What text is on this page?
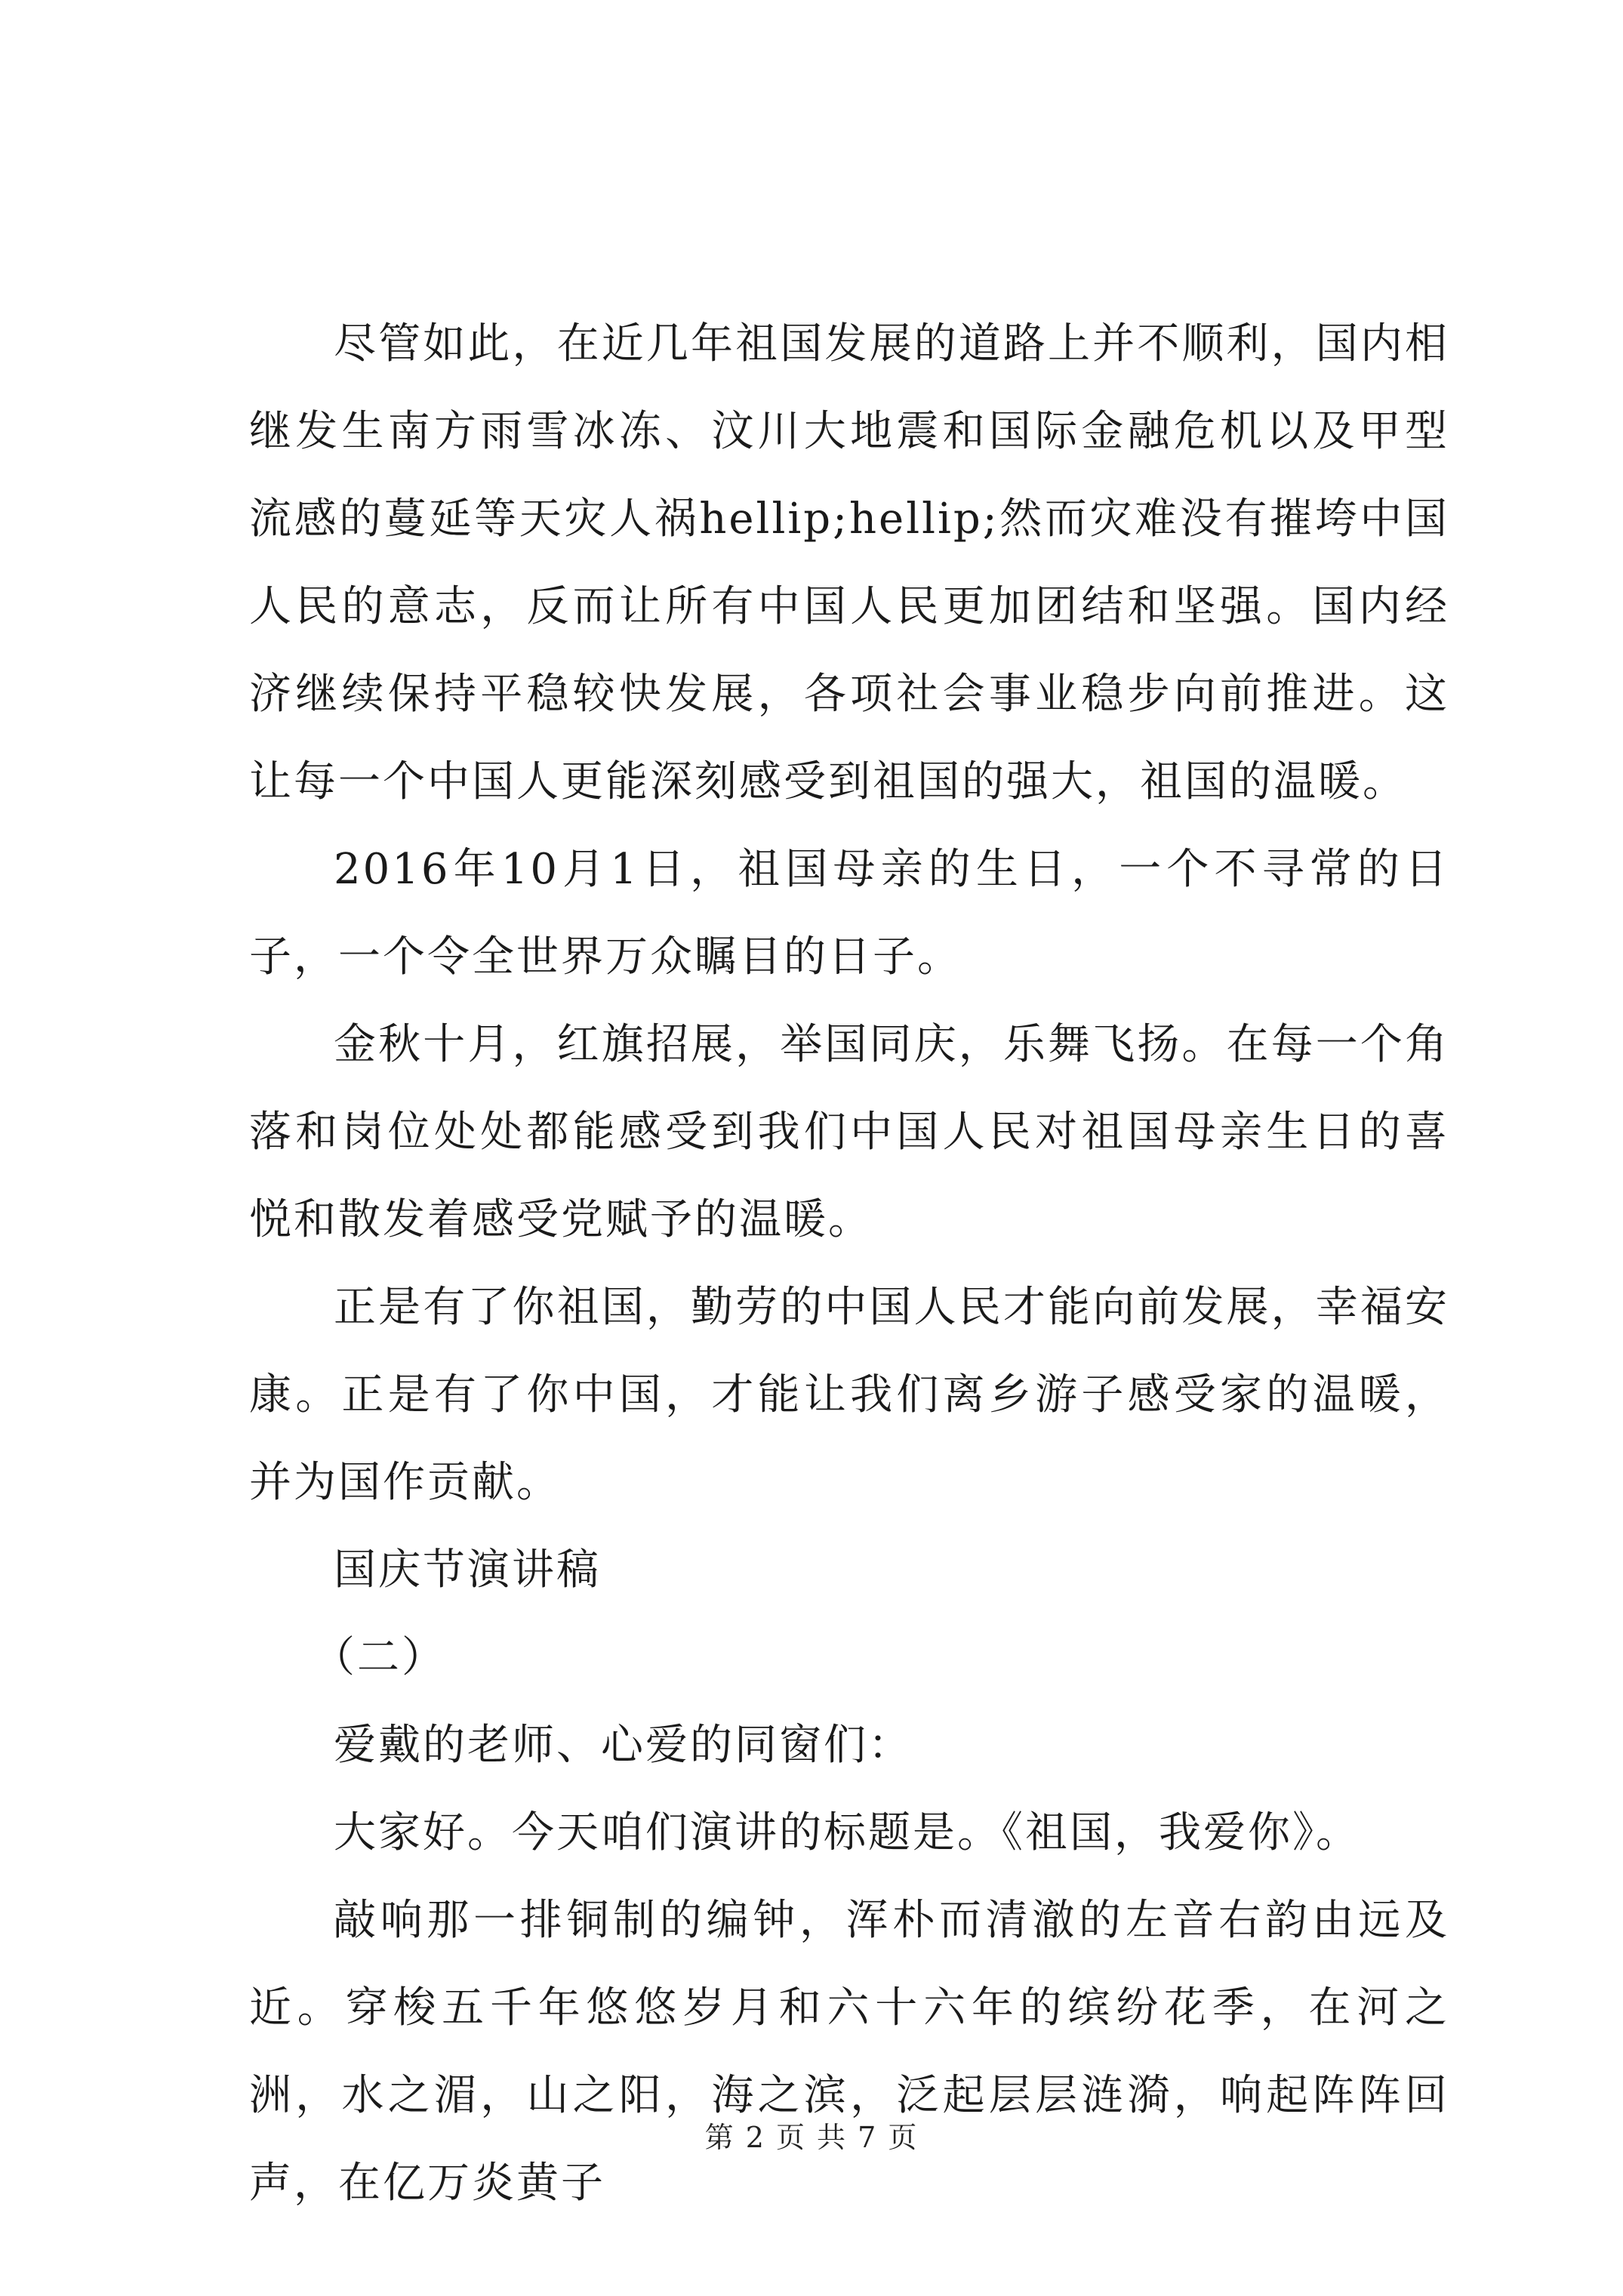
尽管如此，在近几年祖国发展的道路上并不顺利，国内相继发生南方雨雪冰冻、汶川大地震和国际金融危机以及甲型流感的蔓延等天灾人祸hellip;hellip;然而灾难没有摧垮中国人民的意志，反而让所有中国人民更加团结和坚强。国内经济继续保持平稳较快发展，各项社会事业稳步向前推进。这让每一个中国人更能深刻感受到祖国的强大，祖国的温暖。

2016年10月1日，祖国母亲的生日，一个不寻常的日子，一个令全世界万众瞩目的日子。

金秋十月，红旗招展，举国同庆，乐舞飞扬。在每一个角落和岗位处处都能感受到我们中国人民对祖国母亲生日的喜悦和散发着感受党赋予的温暖。

正是有了你祖国，勤劳的中国人民才能向前发展，幸福安康。正是有了你中国，才能让我们离乡游子感受家的温暖，并为国作贡献。

国庆节演讲稿

（二）

爱戴的老师、心爱的同窗们：

大家好。今天咱们演讲的标题是。《祖国，我爱你》。

敲响那一排铜制的编钟，浑朴而清澈的左音右韵由远及近。穿梭五千年悠悠岁月和六十六年的缤纷花季，在河之洲，水之湄，山之阳，海之滨，泛起层层涟漪，响起阵阵回声，在亿万炎黄子

第 2 页 共 7 页
